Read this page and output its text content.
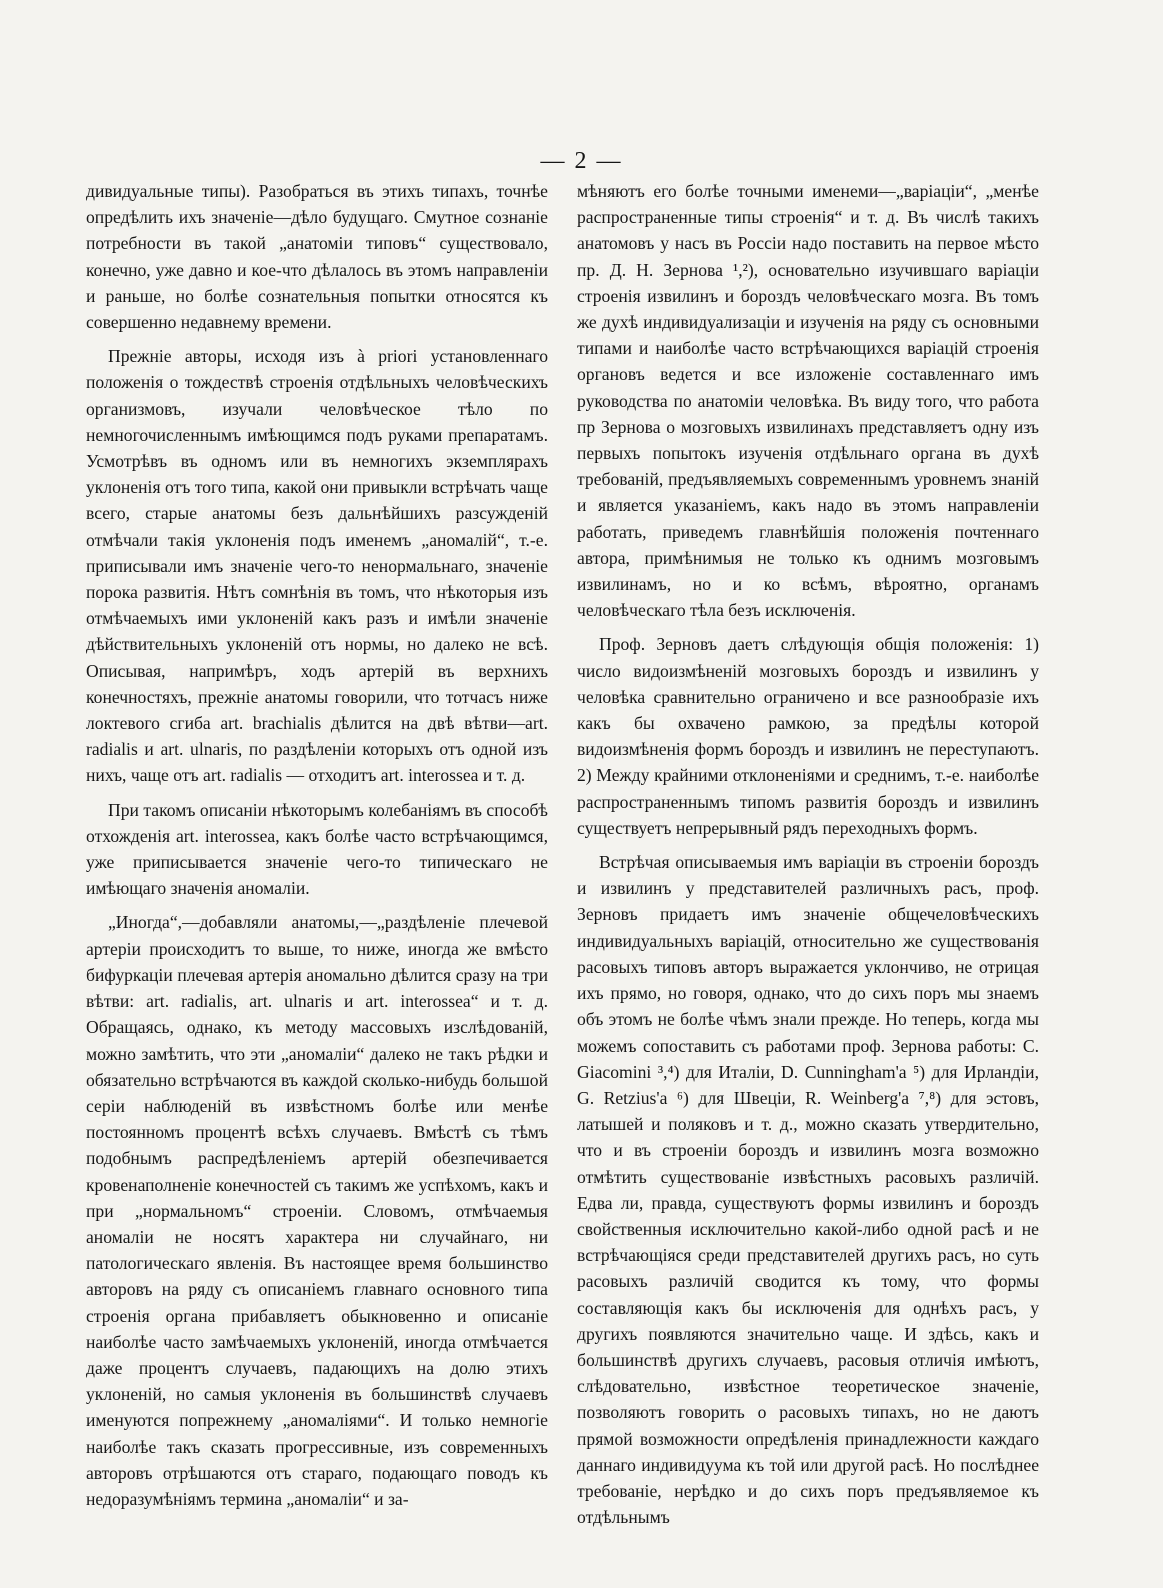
— 2 —

дивидуальные типы). Разобраться въ этихъ типахъ, точнѣе опредѣлить ихъ значеніе—дѣло будущаго. Смутное сознаніе потребности въ такой „анатоміи типовъ“ существовало, конечно, уже давно и кое-что дѣлалось въ этомъ направленіи и раньше, но болѣе сознательныя попытки относятся къ совершенно недавнему времени.

Прежніе авторы, исходя изъ à priori установленнаго положенія о тождествѣ строенія отдѣльныхъ человѣческихъ организмовъ, изучали человѣческое тѣло по немногочисленнымъ имѣющимся подъ руками препаратамъ. Усмотрѣвъ въ одномъ или въ немногихъ экземплярахъ уклоненія отъ того типа, какой они привыкли встрѣчать чаще всего, старые анатомы безъ дальнѣйшихъ разсужденій отмѣчали такія уклоненія подъ именемъ „аномалій“, т.-е. приписывали имъ значеніе чего-то ненормальнаго, значеніе порока развитія. Нѣтъ сомнѣнія въ томъ, что нѣкоторыя изъ отмѣчаемыхъ ими уклоненій какъ разъ и имѣли значеніе дѣйствительныхъ уклоненій отъ нормы, но далеко не всѣ. Описывая, напримѣръ, ходъ артерій въ верхнихъ конечностяхъ, прежніе анатомы говорили, что тотчасъ ниже локтевого сгиба art. brachialis дѣлится на двѣ вѣтви—art. radialis и art. ulnaris, по раздѣленіи которыхъ отъ одной изъ нихъ, чаще отъ art. radialis — отходитъ art. interossea и т. д.

При такомъ описаніи нѣкоторымъ колебаніямъ въ способѣ отхожденія art. interossea, какъ болѣе часто встрѣчающимся, уже приписывается значеніе чего-то типическаго не имѣющаго значенія аномаліи.

„Иногда“,—добавляли анатомы,—„раздѣленіе плечевой артеріи происходитъ то выше, то ниже, иногда же вмѣсто бифуркаціи плечевая артерія аномально дѣлится сразу на три вѣтви: art. radialis, art. ulnaris и art. interossea“ и т. д. Обращаясь, однако, къ методу массовыхъ изслѣдованій, можно замѣтить, что эти „аномаліи“ далеко не такъ рѣдки и обязательно встрѣчаются въ каждой сколько-нибудь большой серіи наблюденій въ извѣстномъ болѣе или менѣе постоянномъ процентѣ всѣхъ случаевъ. Вмѣстѣ съ тѣмъ подобнымъ распредѣленіемъ артерій обезпечивается кровенаполненіе конечностей съ такимъ же успѣхомъ, какъ и при „нормальномъ“ строеніи. Словомъ, отмѣчаемыя аномаліи не носятъ характера ни случайнаго, ни патологическаго явленія. Въ настоящее время большинство авторовъ на ряду съ описаніемъ главнаго основного типа строенія органа прибавляетъ обыкновенно и описаніе наиболѣе часто замѣчаемыхъ уклоненій, иногда отмѣчается даже процентъ случаевъ, падающихъ на долю этихъ уклоненій, но самыя уклоненія въ большинствѣ случаевъ именуются попрежнему „аномаліями“. И только немногіе наиболѣе такъ сказать прогрессивные, изъ современныхъ авторовъ отрѣшаются отъ стараго, подающаго поводъ къ недоразумѣніямъ термина „аномаліи“ и за-

мѣняютъ его болѣе точными именеми—„варіаціи“, „менѣе распространенные типы строенія“ и т. д. Въ числѣ такихъ анатомовъ у насъ въ Россіи надо поставить на первое мѣсто пр. Д. Н. Зернова ¹,²), основательно изучившаго варіаціи строенія извилинъ и бороздъ человѣческаго мозга. Въ томъ же духѣ индивидуализаціи и изученія на ряду съ основными типами и наиболѣе часто встрѣчающихся варіацій строенія органовъ ведется и все изложеніе составленнаго имъ руководства по анатоміи человѣка. Въ виду того, что работа пр Зернова о мозговыхъ извилинахъ представляетъ одну изъ первыхъ попытокъ изученія отдѣльнаго органа въ духѣ требованій, предъявляемыхъ современнымъ уровнемъ знаній и является указаніемъ, какъ надо въ этомъ направленіи работать, приведемъ главнѣйшія положенія почтеннаго автора, примѣнимыя не только къ однимъ мозговымъ извилинамъ, но и ко всѣмъ, вѣроятно, органамъ человѣческаго тѣла безъ исключенія.

Проф. Зерновъ даетъ слѣдующія общія положенія: 1) число видоизмѣненій мозговыхъ бороздъ и извилинъ у человѣка сравнительно ограничено и все разнообразіе ихъ какъ бы охвачено рамкою, за предѣлы которой видоизмѣненія формъ бороздъ и извилинъ не переступаютъ. 2) Между крайними отклоненіями и среднимъ, т.-е. наиболѣе распространеннымъ типомъ развитія бороздъ и извилинъ существуетъ непрерывный рядъ переходныхъ формъ.

Встрѣчая описываемыя имъ варіаціи въ строеніи бороздъ и извилинъ у представителей различныхъ расъ, проф. Зерновъ придаетъ имъ значеніе общечеловѣческихъ индивидуальныхъ варіацій, относительно же существованія расовыхъ типовъ авторъ выражается уклончиво, не отрицая ихъ прямо, но говоря, однако, что до сихъ поръ мы знаемъ объ этомъ не болѣе чѣмъ знали прежде. Но теперь, когда мы можемъ сопоставить съ работами проф. Зернова работы: C. Giacomini ³,⁴) для Италіи, D. Cunningham'a ⁵) для Ирландіи, G. Retzius'a ⁶) для Швеціи, R. Weinberg'a ⁷,⁸) для эстовъ, латышей и поляковъ и т. д., можно сказать утвердительно, что и въ строеніи бороздъ и извилинъ мозга возможно отмѣтить существованіе извѣстныхъ расовыхъ различій. Едва ли, правда, существуютъ формы извилинъ и бороздъ свойственныя исключительно какой-либо одной расѣ и не встрѣчающіяся среди представителей другихъ расъ, но суть расовыхъ различій сводится къ тому, что формы составляющія какъ бы исключенія для однѣхъ расъ, у другихъ появляются значительно чаще. И здѣсь, какъ и большинствѣ другихъ случаевъ, расовыя отличія имѣютъ, слѣдовательно, извѣстное теоретическое значеніе, позволяютъ говорить о расовыхъ типахъ, но не даютъ прямой возможности опредѣленія принадлежности каждаго даннаго индивидуума къ той или другой расѣ. Но послѣднее требованіе, нерѣдко и до сихъ поръ предъявляемое къ отдѣльнымъ
